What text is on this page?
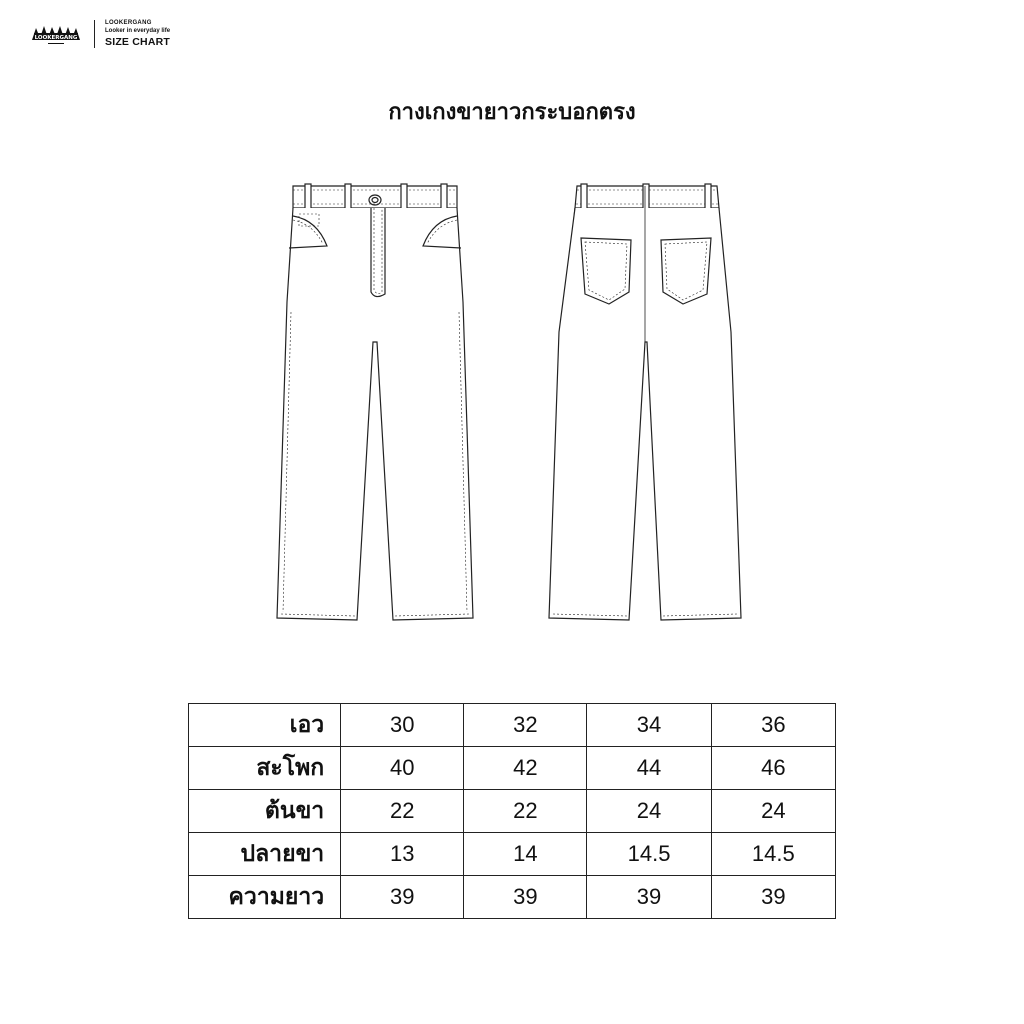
LOOKERGANG
LOOKERGANG
Looker in everyday life
SIZE CHART
กางเกงขายาวกระบอกตรง
เอว	30	32	34	36
สะโพก	40	42	44	46
ต้นขา	22	22	24	24
ปลายขา	13	14	14.5	14.5
ความยาว	39	39	39	39
